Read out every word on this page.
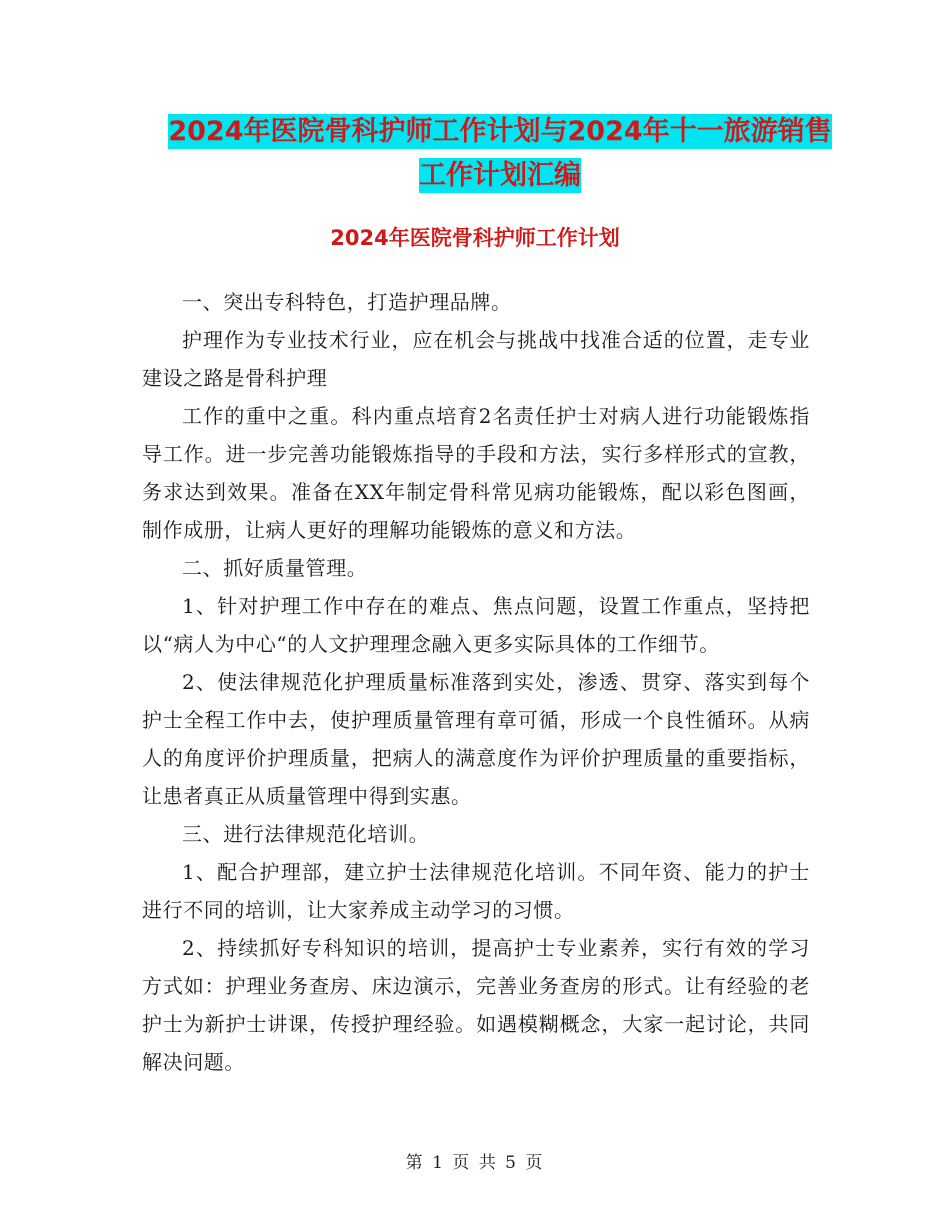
2024年医院骨科护师工作计划与2024年十一旅游销售
工作计划汇编
2024年医院骨科护师工作计划

一、突出专科特色，打造护理品牌。

护理作为专业技术行业，应在机会与挑战中找准合适的位置，走专业建设之路是骨科护理

工作的重中之重。科内重点培育2名责任护士对病人进行功能锻炼指导工作。进一步完善功能锻炼指导的手段和方法，实行多样形式的宣教，务求达到效果。准备在XX年制定骨科常见病功能锻炼，配以彩色图画，制作成册，让病人更好的理解功能锻炼的意义和方法。

二、抓好质量管理。

1、针对护理工作中存在的难点、焦点问题，设置工作重点，坚持把以“病人为中心“的人文护理理念融入更多实际具体的工作细节。

2、使法律规范化护理质量标准落到实处，渗透、贯穿、落实到每个护士全程工作中去，使护理质量管理有章可循，形成一个良性循环。从病人的角度评价护理质量，把病人的满意度作为评价护理质量的重要指标，让患者真正从质量管理中得到实惠。

三、进行法律规范化培训。

1、配合护理部，建立护士法律规范化培训。不同年资、能力的护士进行不同的培训，让大家养成主动学习的习惯。

2、持续抓好专科知识的培训，提高护士专业素养，实行有效的学习方式如：护理业务查房、床边演示，完善业务查房的形式。让有经验的老护士为新护士讲课，传授护理经验。如遇模糊概念，大家一起讨论，共同解决问题。

第 1 页 共 5 页
